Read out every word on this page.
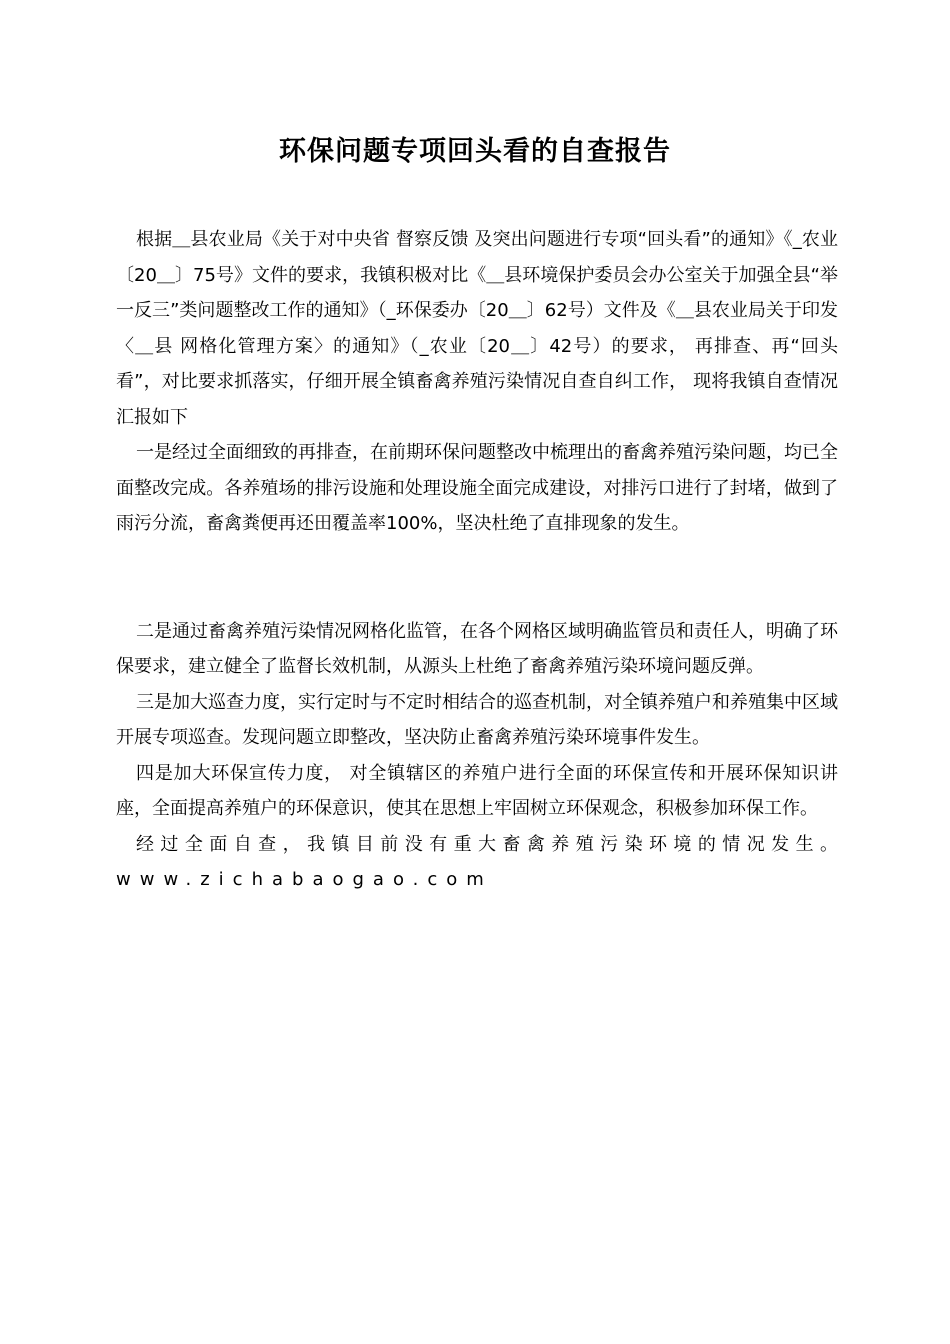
环保问题专项回头看的自查报告

根据＿县农业局《关于对中央省 督察反馈 及突出问题进行专项“回头看”的通知》《_农业〔20＿〕75号》文件的要求，我镇积极对比《＿县环境保护委员会办公室关于加强全县“举一反三”类问题整改工作的通知》（_环保委办〔20＿〕62号）文件及《＿县农业局关于印发〈＿县 网格化管理方案〉的通知》（_农业〔20＿〕42号）的要求， 再排查、再“回头看”，对比要求抓落实，仔细开展全镇畜禽养殖污染情况自查自纠工作， 现将我镇自查情况汇报如下

一是经过全面细致的再排查，在前期环保问题整改中梳理出的畜禽养殖污染问题，均已全面整改完成。各养殖场的排污设施和处理设施全面完成建设，对排污口进行了封堵，做到了雨污分流，畜禽粪便再还田覆盖率100%，坚决杜绝了直排现象的发生。

二是通过畜禽养殖污染情况网格化监管，在各个网格区域明确监管员和责任人，明确了环保要求，建立健全了监督长效机制，从源头上杜绝了畜禽养殖污染环境问题反弹。

三是加大巡查力度，实行定时与不定时相结合的巡查机制，对全镇养殖户和养殖集中区域开展专项巡查。发现问题立即整改，坚决防止畜禽养殖污染环境事件发生。

四是加大环保宣传力度， 对全镇辖区的养殖户进行全面的环保宣传和开展环保知识讲座，全面提高养殖户的环保意识，使其在思想上牢固树立环保观念，积极参加环保工作。

经过全面自查，我镇目前没有重大畜禽养殖污染环境的情况发生。www.zichabaogao.com
